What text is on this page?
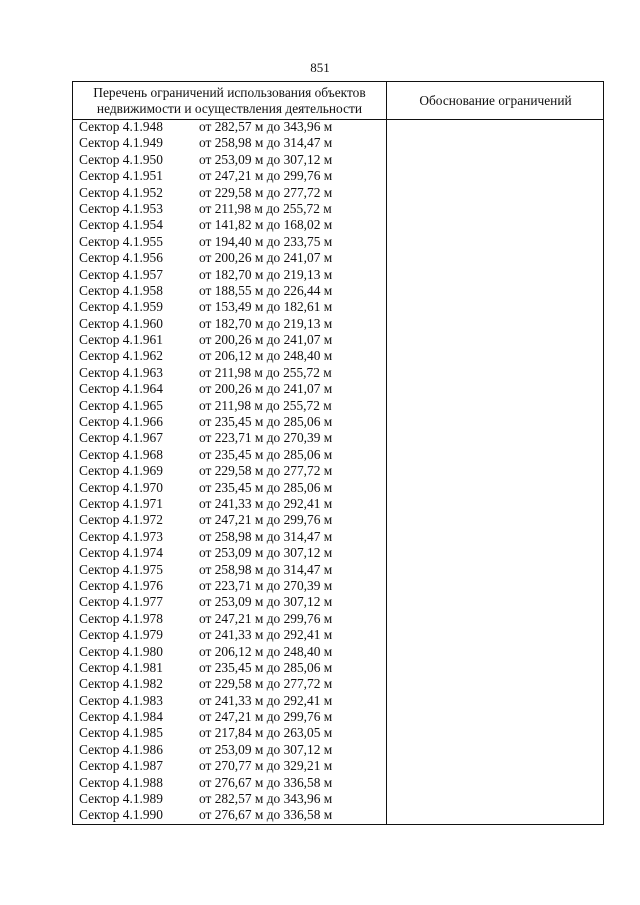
851
Перечень ограничений использования объектов
недвижимости и осуществления деятельности
Обоснование ограничений
Сектор 4.1.948	от 282,57 м до 343,96 м
Сектор 4.1.949	от 258,98 м до 314,47 м
Сектор 4.1.950	от 253,09 м до 307,12 м
Сектор 4.1.951	от 247,21 м до 299,76 м
Сектор 4.1.952	от 229,58 м до 277,72 м
Сектор 4.1.953	от 211,98 м до 255,72 м
Сектор 4.1.954	от 141,82 м до 168,02 м
Сектор 4.1.955	от 194,40 м до 233,75 м
Сектор 4.1.956	от 200,26 м до 241,07 м
Сектор 4.1.957	от 182,70 м до 219,13 м
Сектор 4.1.958	от 188,55 м до 226,44 м
Сектор 4.1.959	от 153,49 м до 182,61 м
Сектор 4.1.960	от 182,70 м до 219,13 м
Сектор 4.1.961	от 200,26 м до 241,07 м
Сектор 4.1.962	от 206,12 м до 248,40 м
Сектор 4.1.963	от 211,98 м до 255,72 м
Сектор 4.1.964	от 200,26 м до 241,07 м
Сектор 4.1.965	от 211,98 м до 255,72 м
Сектор 4.1.966	от 235,45 м до 285,06 м
Сектор 4.1.967	от 223,71 м до 270,39 м
Сектор 4.1.968	от 235,45 м до 285,06 м
Сектор 4.1.969	от 229,58 м до 277,72 м
Сектор 4.1.970	от 235,45 м до 285,06 м
Сектор 4.1.971	от 241,33 м до 292,41 м
Сектор 4.1.972	от 247,21 м до 299,76 м
Сектор 4.1.973	от 258,98 м до 314,47 м
Сектор 4.1.974	от 253,09 м до 307,12 м
Сектор 4.1.975	от 258,98 м до 314,47 м
Сектор 4.1.976	от 223,71 м до 270,39 м
Сектор 4.1.977	от 253,09 м до 307,12 м
Сектор 4.1.978	от 247,21 м до 299,76 м
Сектор 4.1.979	от 241,33 м до 292,41 м
Сектор 4.1.980	от 206,12 м до 248,40 м
Сектор 4.1.981	от 235,45 м до 285,06 м
Сектор 4.1.982	от 229,58 м до 277,72 м
Сектор 4.1.983	от 241,33 м до 292,41 м
Сектор 4.1.984	от 247,21 м до 299,76 м
Сектор 4.1.985	от 217,84 м до 263,05 м
Сектор 4.1.986	от 253,09 м до 307,12 м
Сектор 4.1.987	от 270,77 м до 329,21 м
Сектор 4.1.988	от 276,67 м до 336,58 м
Сектор 4.1.989	от 282,57 м до 343,96 м
Сектор 4.1.990	от 276,67 м до 336,58 м
